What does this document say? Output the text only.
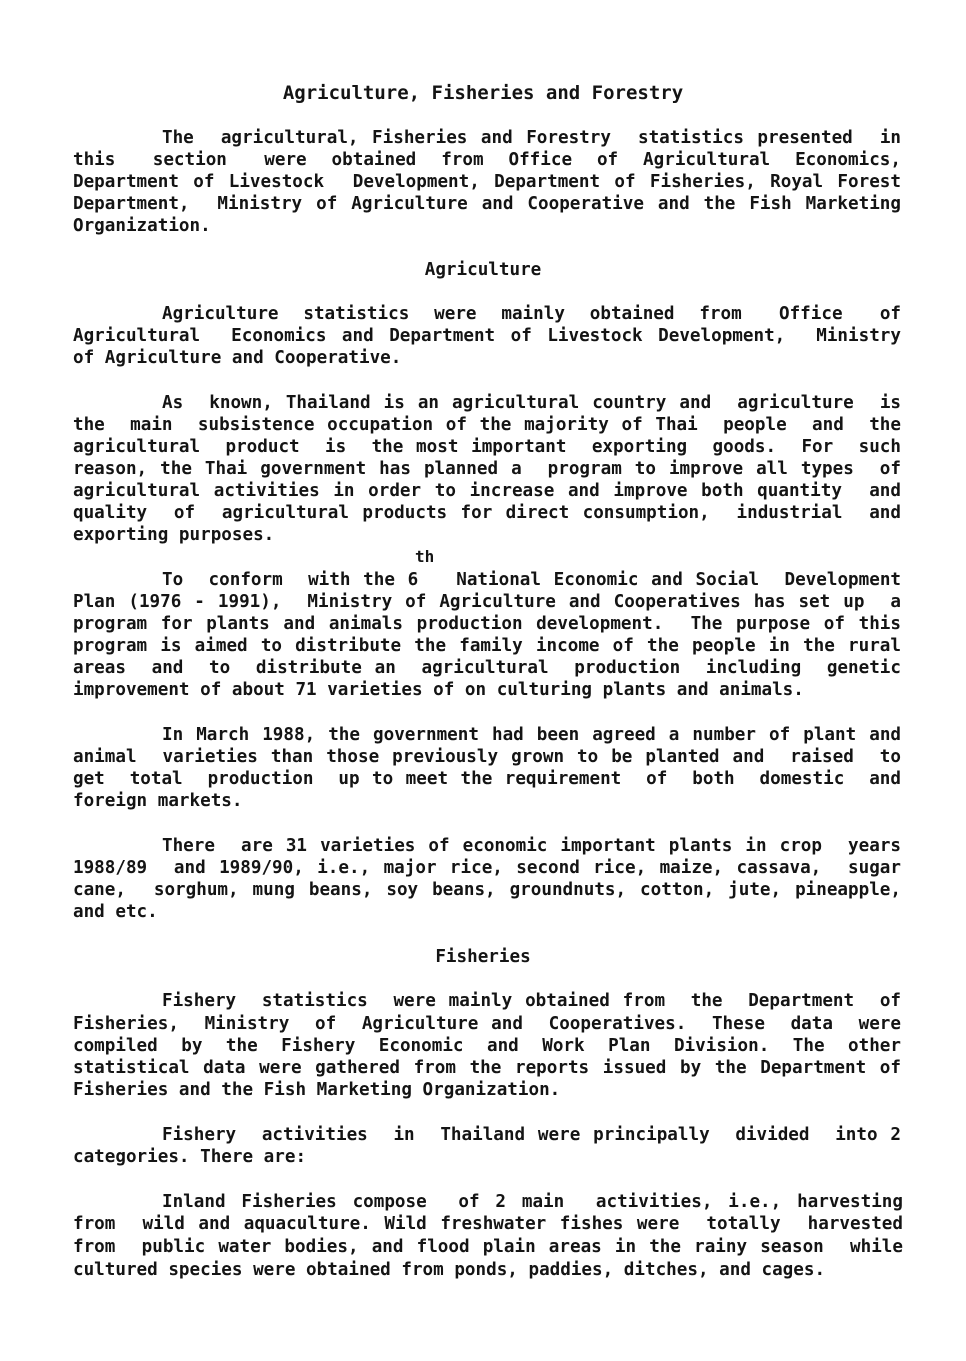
Agriculture, Fisheries and Forestry
The  agricultural, Fisheries and Forestry  statistics presented  in
this   section   were  obtained  from  Office  of  Agricultural  Economics,
Department of Livestock  Development, Department of Fisheries, Royal Forest
Department,  Ministry of Agriculture and Cooperative and the Fish Marketing
Organization.
Agriculture
Agriculture  statistics  were  mainly  obtained  from   Office   of
Agricultural  Economics and Department of Livestock Development,  Ministry
of Agriculture and Cooperative.
As  known, Thailand is an agricultural country and  agriculture  is
the  main  subsistence occupation of the majority of Thai  people  and  the
agricultural  product  is  the most important  exporting  goods.  For  such
reason, the Thai government has planned a  program to improve all types  of
agricultural activities in order to increase and improve both quantity  and
quality  of  agricultural products for direct consumption,  industrial  and
exporting purposes.
th
To  conform  with the 6   National Economic and Social  Development
Plan (1976 - 1991),  Ministry of Agriculture and Cooperatives has set up  a
program for plants and animals production development.  The purpose of this
program is aimed to distribute the family income of the people in the rural
areas  and  to  distribute an  agricultural  production  including  genetic
improvement of about 71 varieties of on culturing plants and animals.
In March 1988, the government had been agreed a number of plant and
animal  varieties than those previously grown to be planted and  raised  to
get  total  production  up to meet the requirement  of  both  domestic  and
foreign markets.
There  are 31 varieties of economic important plants in crop  years
1988/89  and 1989/90, i.e., major rice, second rice, maize, cassava,  sugar
cane,  sorghum, mung beans, soy beans, groundnuts, cotton, jute, pineapple,
and etc.
Fisheries
Fishery  statistics  were mainly obtained from  the  Department  of
Fisheries,  Ministry  of  Agriculture and  Cooperatives.  These  data  were
compiled  by  the  Fishery  Economic  and  Work  Plan  Division.  The  other
statistical data were gathered from the reports issued by the Department of
Fisheries and the Fish Marketing Organization.
Fishery  activities  in  Thailand were principally  divided  into 2
categories. There are:
Inland Fisheries compose  of 2 main  activities, i.e., harvesting
from  wild and aquaculture. Wild freshwater fishes were  totally  harvested
from  public water bodies, and flood plain areas in the rainy season  while
cultured species were obtained from ponds, paddies, ditches, and cages.
